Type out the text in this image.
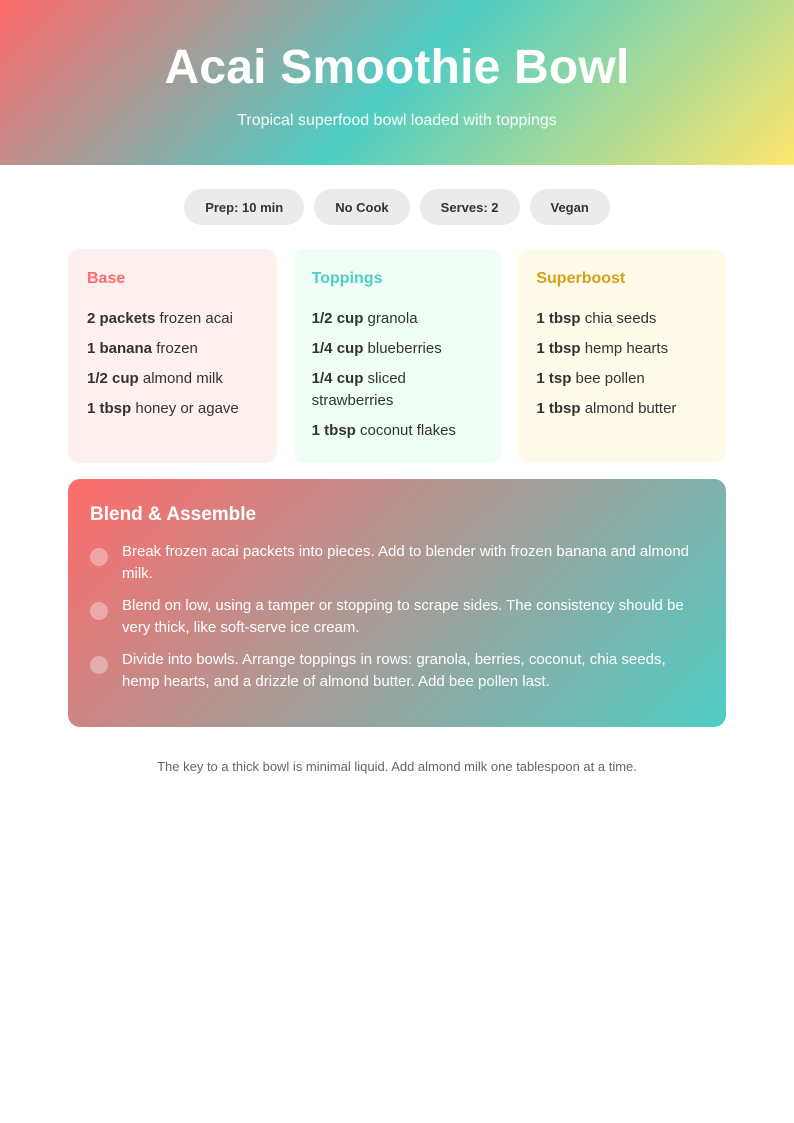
Acai Smoothie Bowl

Tropical superfood bowl loaded with toppings

Prep: 10 min	No Cook	Serves: 2	Vegan
Base
2 packets frozen acai
1 banana frozen
1/2 cup almond milk
1 tbsp honey or agave
Toppings
1/2 cup granola
1/4 cup blueberries
1/4 cup sliced strawberries
1 tbsp coconut flakes
Superboost
1 tbsp chia seeds
1 tbsp hemp hearts
1 tsp bee pollen
1 tbsp almond butter
Blend & Assemble

Break frozen acai packets into pieces. Add to blender with frozen banana and almond milk.

Blend on low, using a tamper or stopping to scrape sides. The consistency should be very thick, like soft-serve ice cream.

Divide into bowls. Arrange toppings in rows: granola, berries, coconut, chia seeds, hemp hearts, and a drizzle of almond butter. Add bee pollen last.

The key to a thick bowl is minimal liquid. Add almond milk one tablespoon at a time.
